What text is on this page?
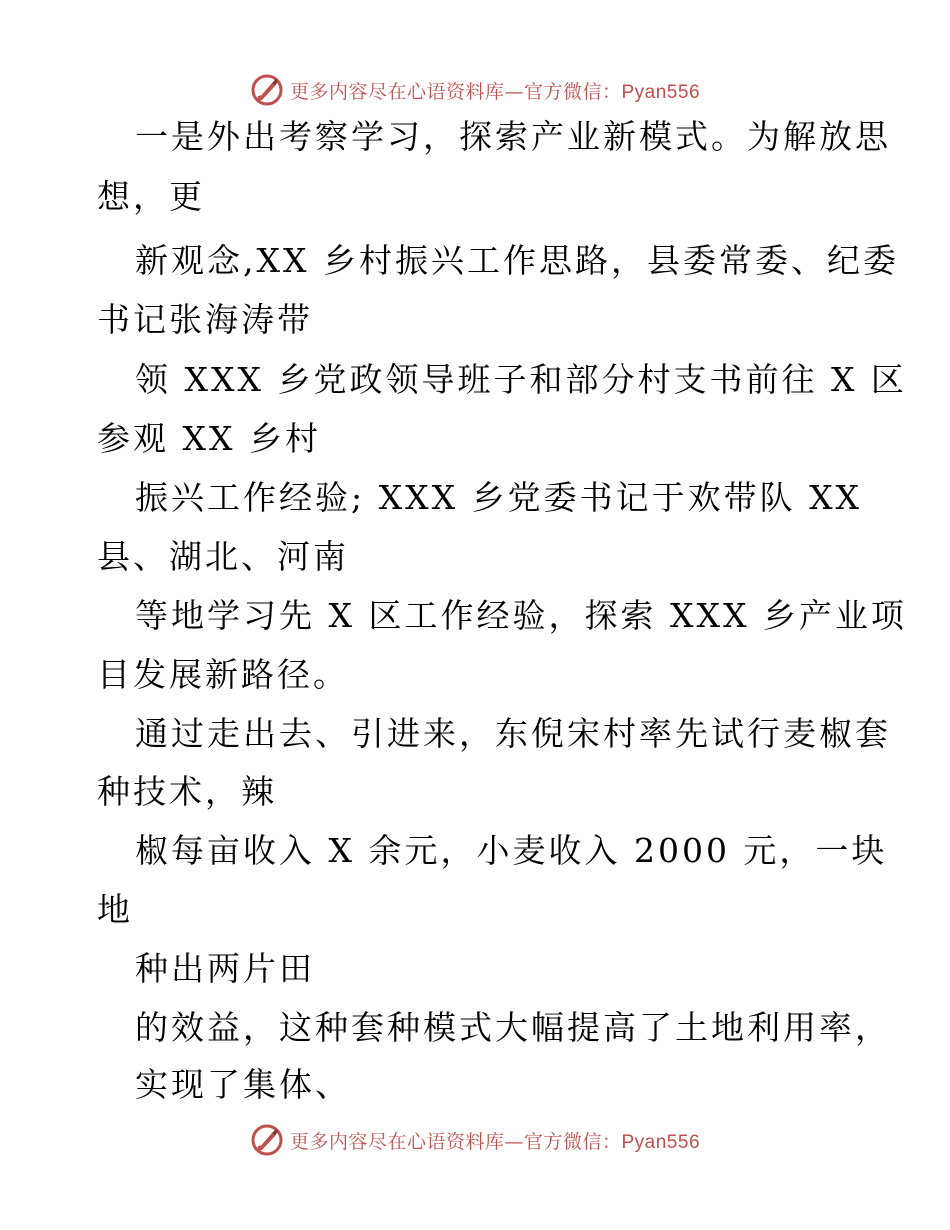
更多内容尽在心语资料库—官方微信：Pyan556
一是外出考察学习，探索产业新模式。为解放思
想，更
新观念,XX 乡村振兴工作思路，县委常委、纪委
书记张海涛带
领 XXX 乡党政领导班子和部分村支书前往 X 区
参观 XX 乡村
振兴工作经验; XXX 乡党委书记于欢带队 XX
县、湖北、河南
等地学习先 X 区工作经验，探索 XXX 乡产业项
目发展新路径。
通过走出去、引进来，东倪宋村率先试行麦椒套
种技术，辣
椒每亩收入 X 余元，小麦收入 2000 元，一块
地
种出两片田
的效益，这种套种模式大幅提高了土地利用率，
实现了集体、
更多内容尽在心语资料库—官方微信：Pyan556
